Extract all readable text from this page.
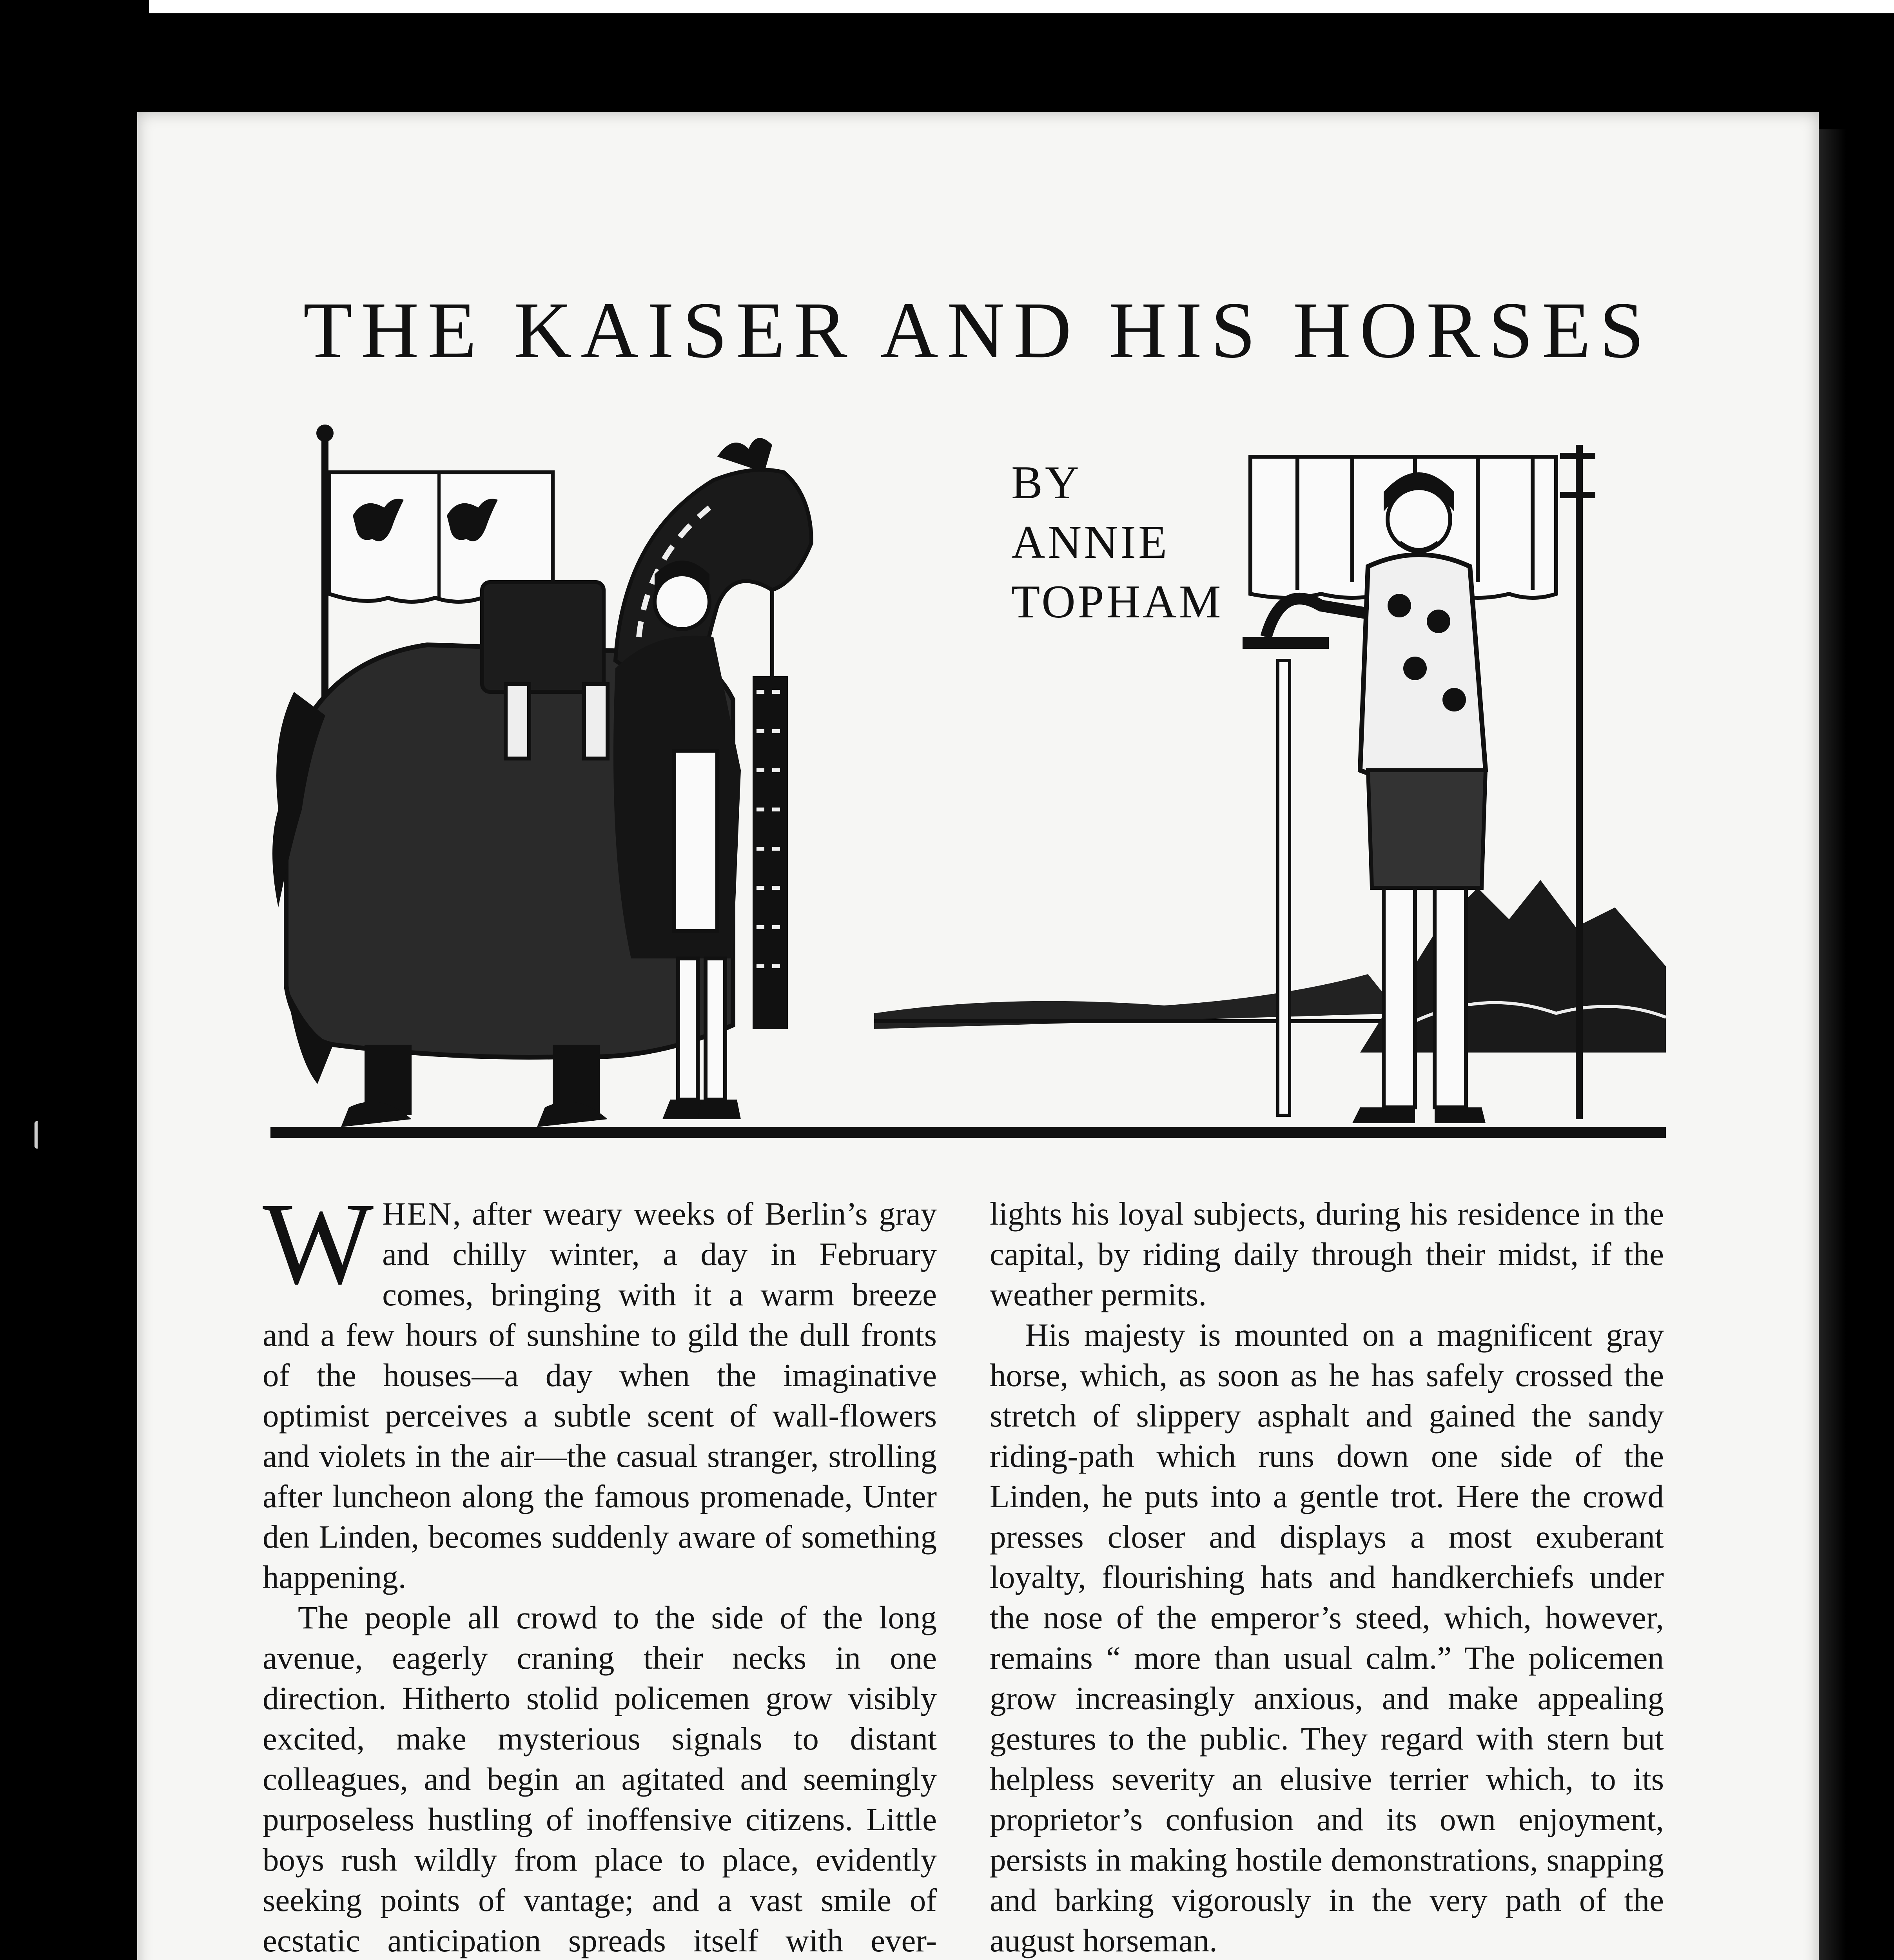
THE KAISER AND HIS HORSES
BY
ANNIE
TOPHAM

WHEN, after weary weeks of Berlin’s gray and chilly winter, a day in February comes, bringing with it a warm breeze and a few hours of sunshine to gild the dull fronts of the houses—a day when the imaginative optimist perceives a subtle scent of wall-flowers and violets in the air—the casual stranger, strolling after luncheon along the famous promenade, Unter den Linden, becomes suddenly aware of something happening.

The people all crowd to the side of the long avenue, eagerly craning their necks in one direction. Hitherto stolid policemen grow visibly excited, make mysterious signals to distant colleagues, and begin an agitated and seemingly purposeless hustling of inoffensive citizens. Little boys rush wildly from place to place, evidently seeking points of vantage; and a vast smile of ecstatic anticipation spreads itself with ever-

lights his loyal subjects, during his residence in the capital, by riding daily through their midst, if the weather permits.

His majesty is mounted on a magnificent gray horse, which, as soon as he has safely crossed the stretch of slippery asphalt and gained the sandy riding-path which runs down one side of the Linden, he puts into a gentle trot. Here the crowd presses closer and displays a most exuberant loyalty, flourishing hats and handkerchiefs under the nose of the emperor’s steed, which, however, remains “ more than usual calm.” The policemen grow increasingly anxious, and make appealing gestures to the public. They regard with stern but helpless severity an elusive terrier which, to its proprietor’s confusion and its own enjoyment, persists in making hostile demonstrations, snapping and barking vigorously in the very path of the august horseman.
